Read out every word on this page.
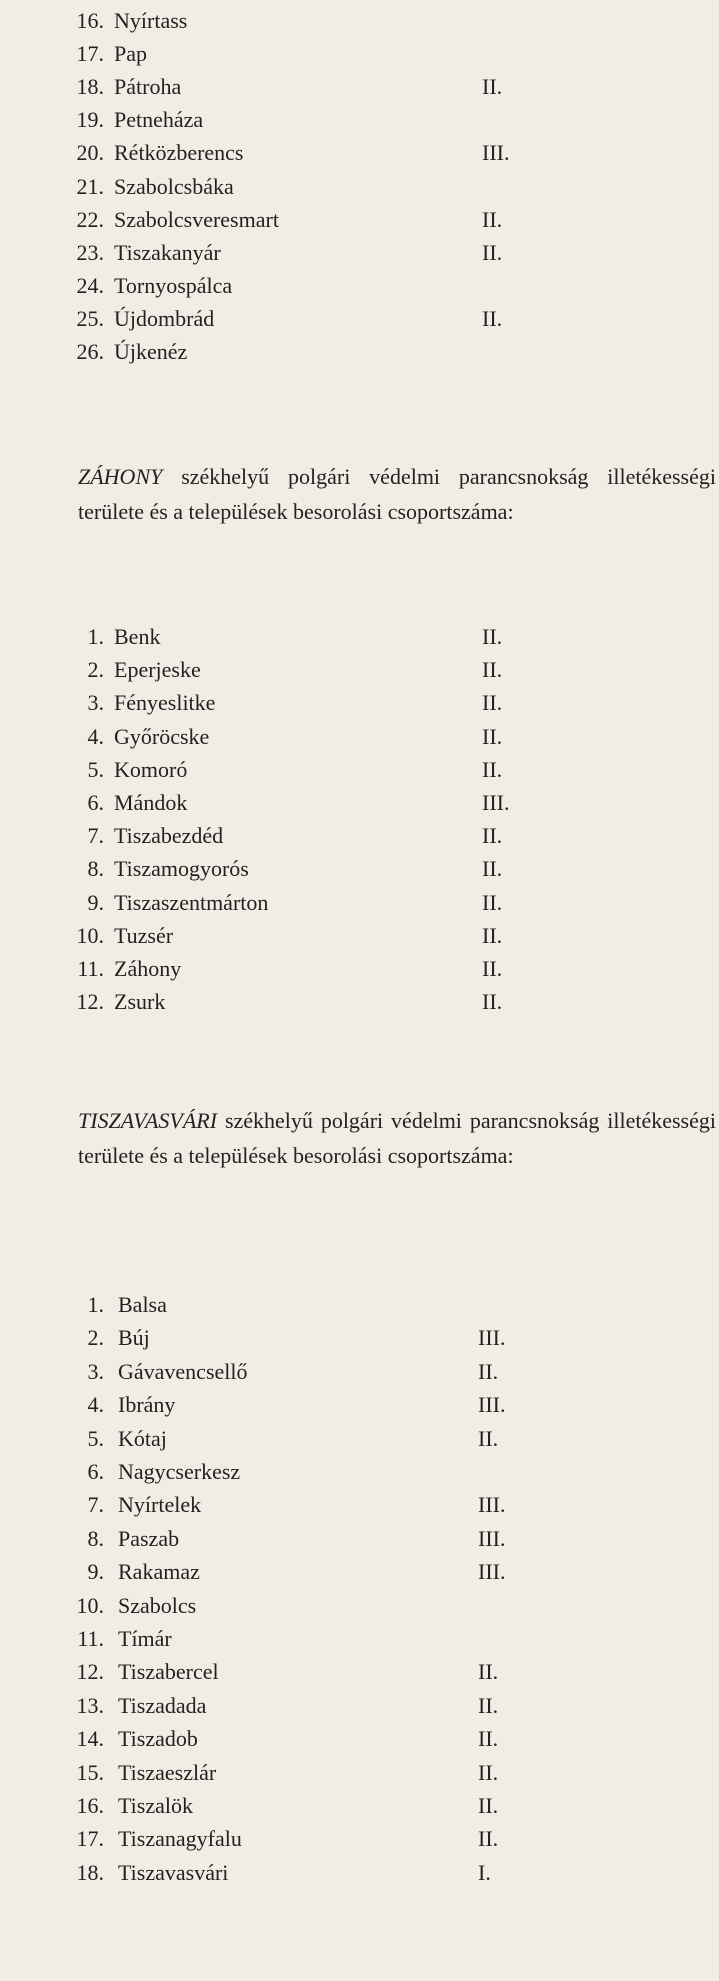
16. Nyírtass
17. Pap
18. Pátroha	II.
19. Petneháza
20. Rétközberencs	III.
21. Szabolcsbáka
22. Szabolcsveresmart	II.
23. Tiszakanyár	II.
24. Tornyospálca
25. Újdombrád	II.
26. Újkenéz

ZÁHONY székhelyű polgári védelmi parancsnokság illetékességi területe és a települések besorolási csoportszáma:

1. Benk	II.
2. Eperjeske	II.
3. Fényeslitke	II.
4. Győröcske	II.
5. Komoró	II.
6. Mándok	III.
7. Tiszabezdéd	II.
8. Tiszamogyorós	II.
9. Tiszaszentmárton	II.
10. Tuzsér	II.
11. Záhony	II.
12. Zsurk	II.

TISZAVASVÁRI székhelyű polgári védelmi parancsnokság illetékességi területe és a települések besorolási csoportszáma:

1. Balsa
2. Búj	III.
3. Gávavencsellő	II.
4. Ibrány	III.
5. Kótaj	II.
6. Nagycserkesz
7. Nyírtelek	III.
8. Paszab	III.
9. Rakamaz	III.
10. Szabolcs
11. Tímár
12. Tiszabercel	II.
13. Tiszadada	II.
14. Tiszadob	II.
15. Tiszaeszlár	II.
16. Tiszalök	II.
17. Tiszanagyfalu	II.
18. Tiszavasvári	I.
